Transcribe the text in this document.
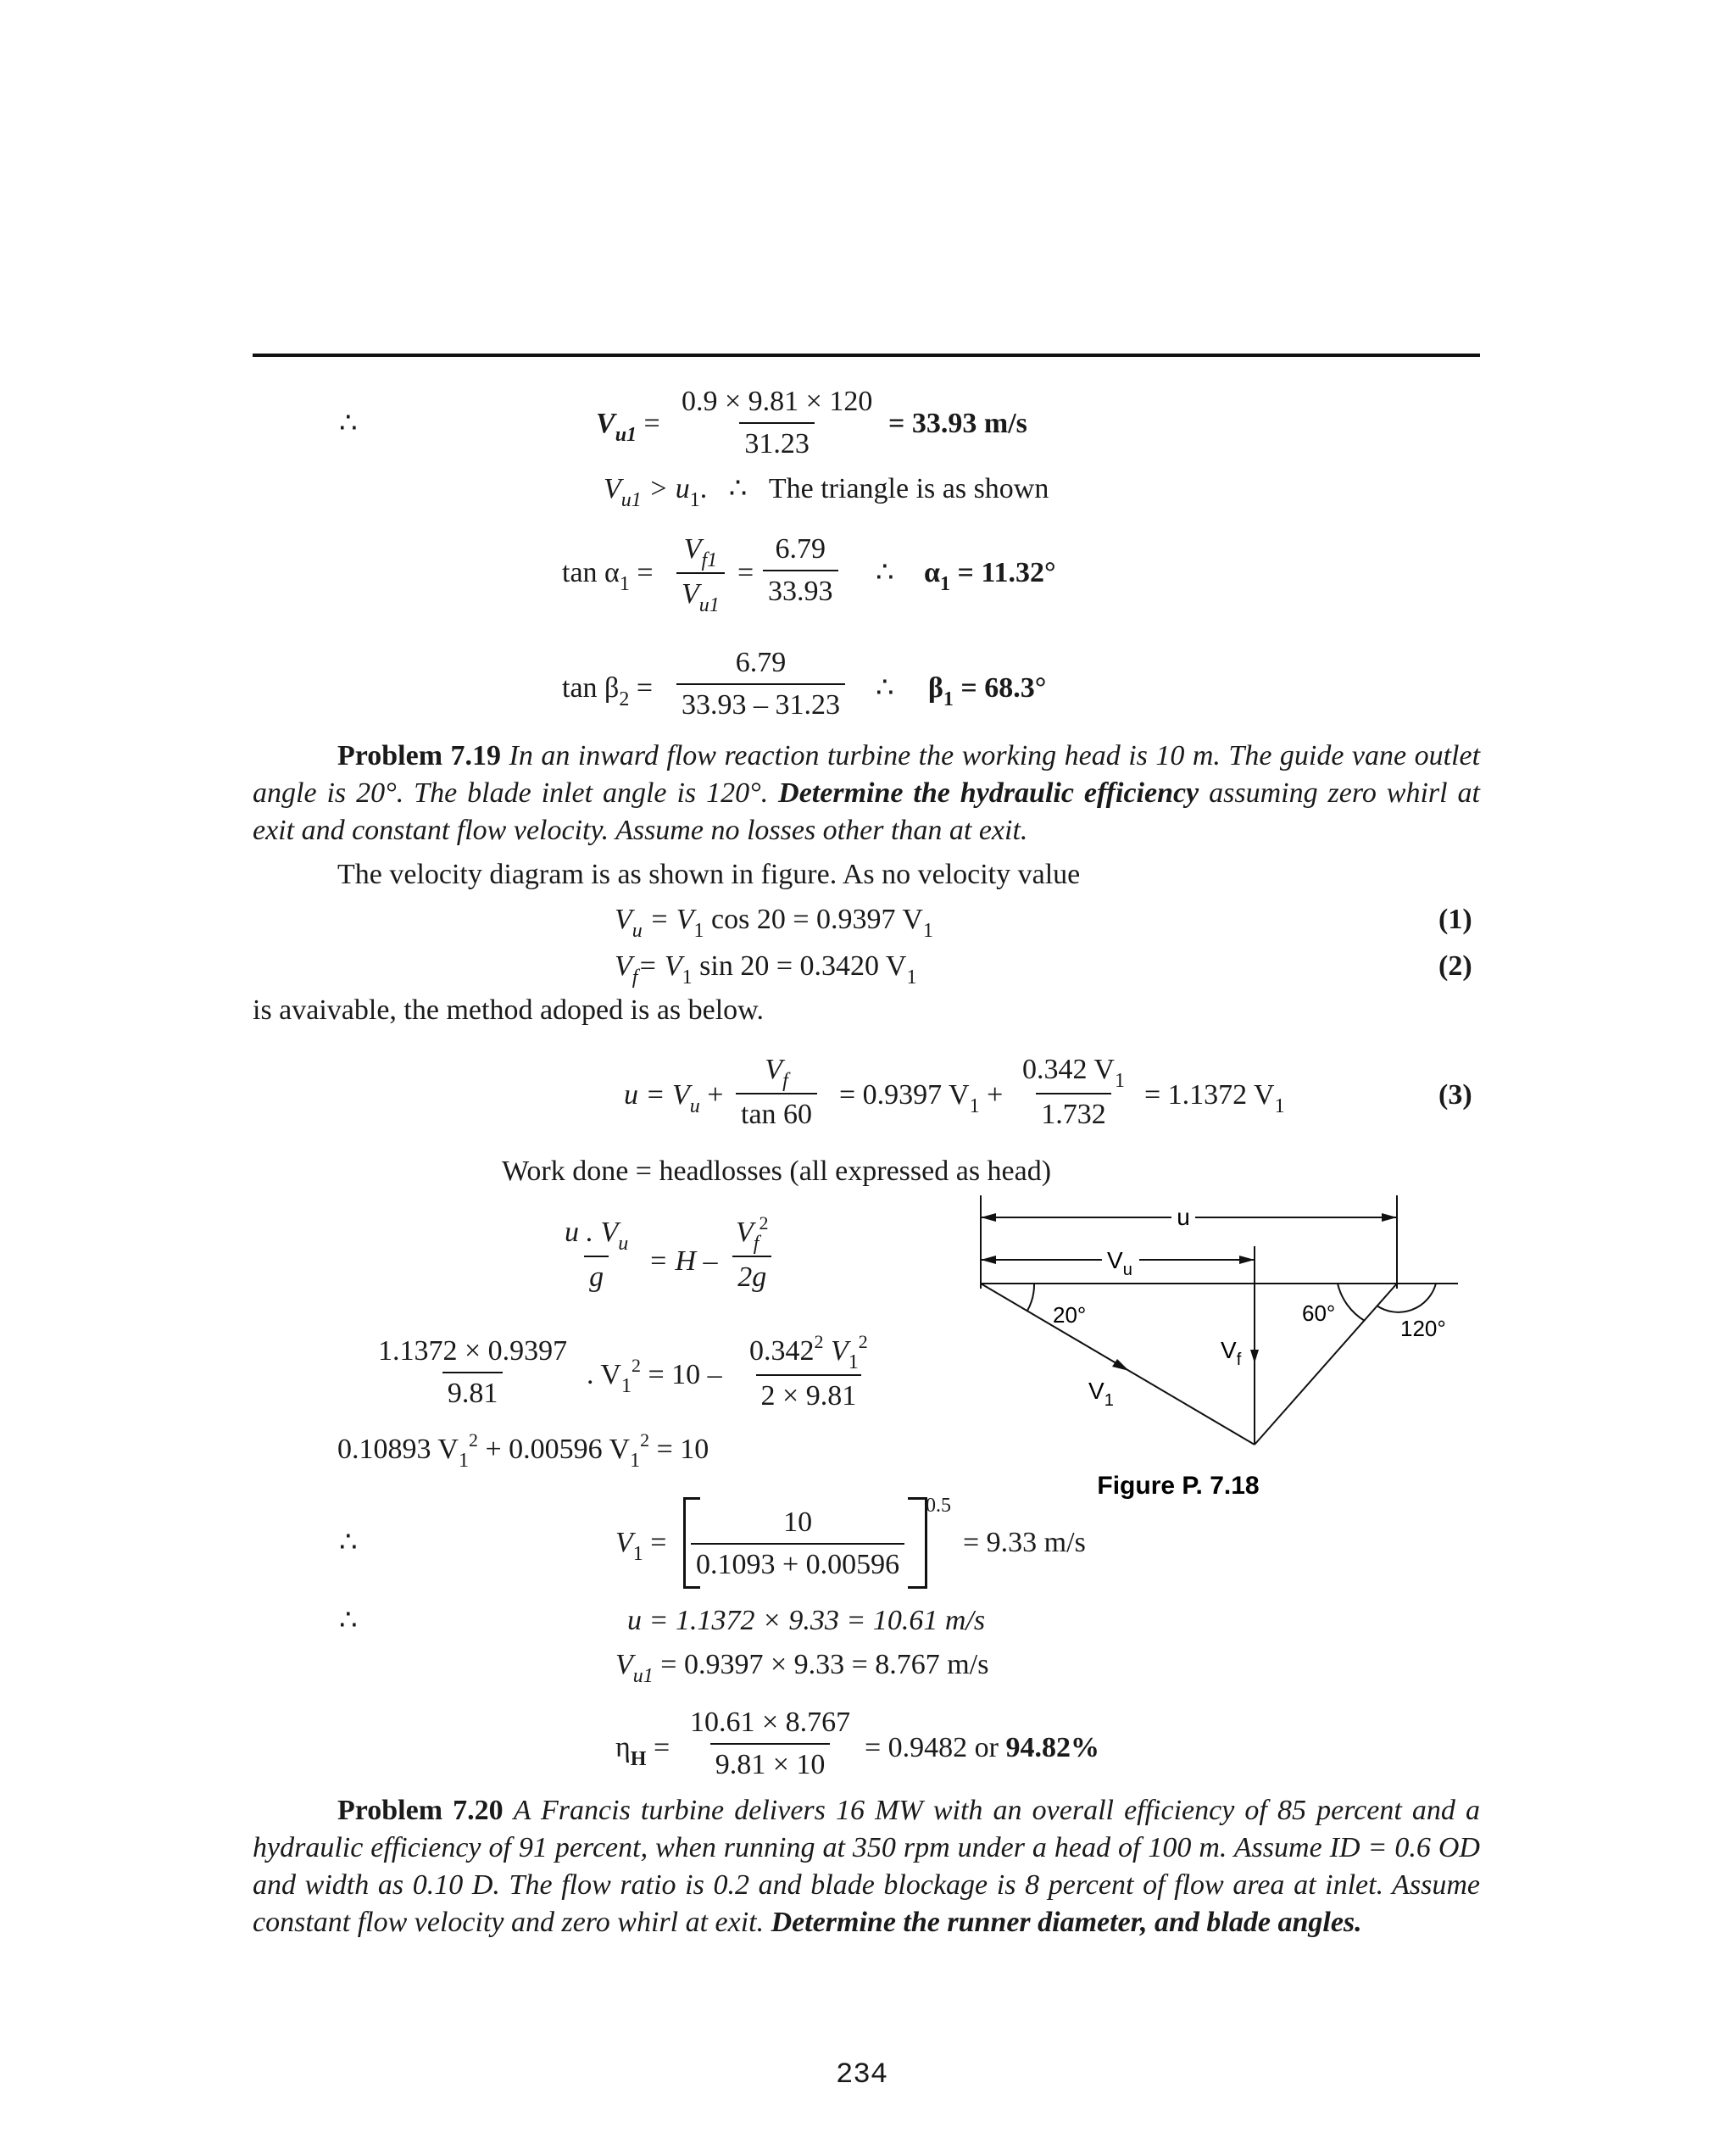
∴	$V_{u1} = \frac{0.9 \times 9.81 \times 120}{31.23} = 33.93$ m/s
$V_{u1} > u_1$. ∴ The triangle is as shown
$\tan \alpha_1 = \frac{V_{f1}}{V_{u1}} = \frac{6.79}{33.93}$ ∴ $\alpha_1 = 11.32^\circ$
$\tan \beta_2 = \frac{6.79}{33.93 - 31.23}$ ∴ $\beta_1 = 68.3^\circ$
Problem 7.19 In an inward flow reaction turbine the working head is 10 m. The guide vane outlet angle is 20°. The blade inlet angle is 120°. Determine the hydraulic efficiency assuming zero whirl at exit and constant flow velocity. Assume no losses other than at exit.
The velocity diagram is as shown in figure. As no velocity value
$V_u = V_1$ cos 20 = 0.9397 $V_1$	(1)
$V_f= V_1$ sin 20 = 0.3420 $V_1$	(2)
is avaivable, the method adoped is as below.
$u = V_u + \frac{V_f}{\tan 60} = 0.9397$ $V_1 + \frac{0.342 V_1}{1.732} = 1.1372$ $V_1$	(3)
Work done = headlosses (all expressed as head)
$\frac{u . V_u}{g} = H - \frac{V_f^2}{2g}$
$\frac{1.1372 \times 0.9397}{9.81}$ . $V_1^2 = 10 - \frac{0.342^2 V_1^2}{2 \times 9.81}$
0.10893 $V_1^2 + 0.00596$ $V_1^2 = 10$
∴	$V_1 = \frac{10}{0.1093 + 0.00596} 0.5$
= 9.33 m/s
∴	u = 1.1372 × 9.33 = 10.61 m/s
$V_{u1} = 0.9397 \times 9.33 = 8.767$ m/s
$\eta_H = \frac{10.61 \times 8.767}{9.81 \times 10} = 0.9482$ or 94.82%
Problem 7.20 A Francis turbine delivers 16 MW with an overall efficiency of 85 percent and a hydraulic efficiency of 91 percent, when running at 350 rpm under a head of 100 m. Assume ID = 0.6 OD and width as 0.10 D. The flow ratio is 0.2 and blade blockage is 8 percent of flow area at inlet. Assume constant flow velocity and zero whirl at exit. Determine the runner diameter, and blade angles.
u
$V_u$
20°	60°
120°
$V_f$
$V_1$
Figure P. 7.18
234
